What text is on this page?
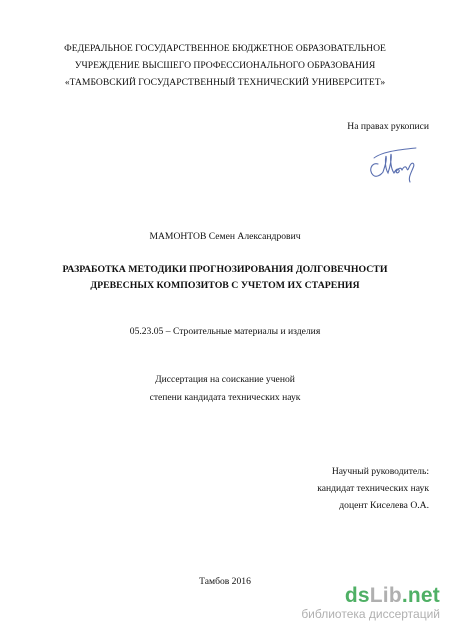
ФЕДЕРАЛЬНОЕ ГОСУДАРСТВЕННОЕ БЮДЖЕТНОЕ ОБРАЗОВАТЕЛЬНОЕ
УЧРЕЖДЕНИЕ ВЫСШЕГО ПРОФЕССИОНАЛЬНОГО ОБРАЗОВАНИЯ
«ТАМБОВСКИЙ ГОСУДАРСТВЕННЫЙ ТЕХНИЧЕСКИЙ УНИВЕРСИТЕТ»
На правах рукописи
МАМОНТОВ Семен Александрович
РАЗРАБОТКА МЕТОДИКИ ПРОГНОЗИРОВАНИЯ ДОЛГОВЕЧНОСТИ
ДРЕВЕСНЫХ КОМПОЗИТОВ С УЧЕТОМ ИХ СТАРЕНИЯ
05.23.05 – Строительные материалы и изделия
Диссертация на соискание ученой
степени кандидата технических наук
Научный руководитель:
кандидат технических наук
доцент Киселева О.А.
Тамбов 2016
dsLib.net
библиотека диссертаций
